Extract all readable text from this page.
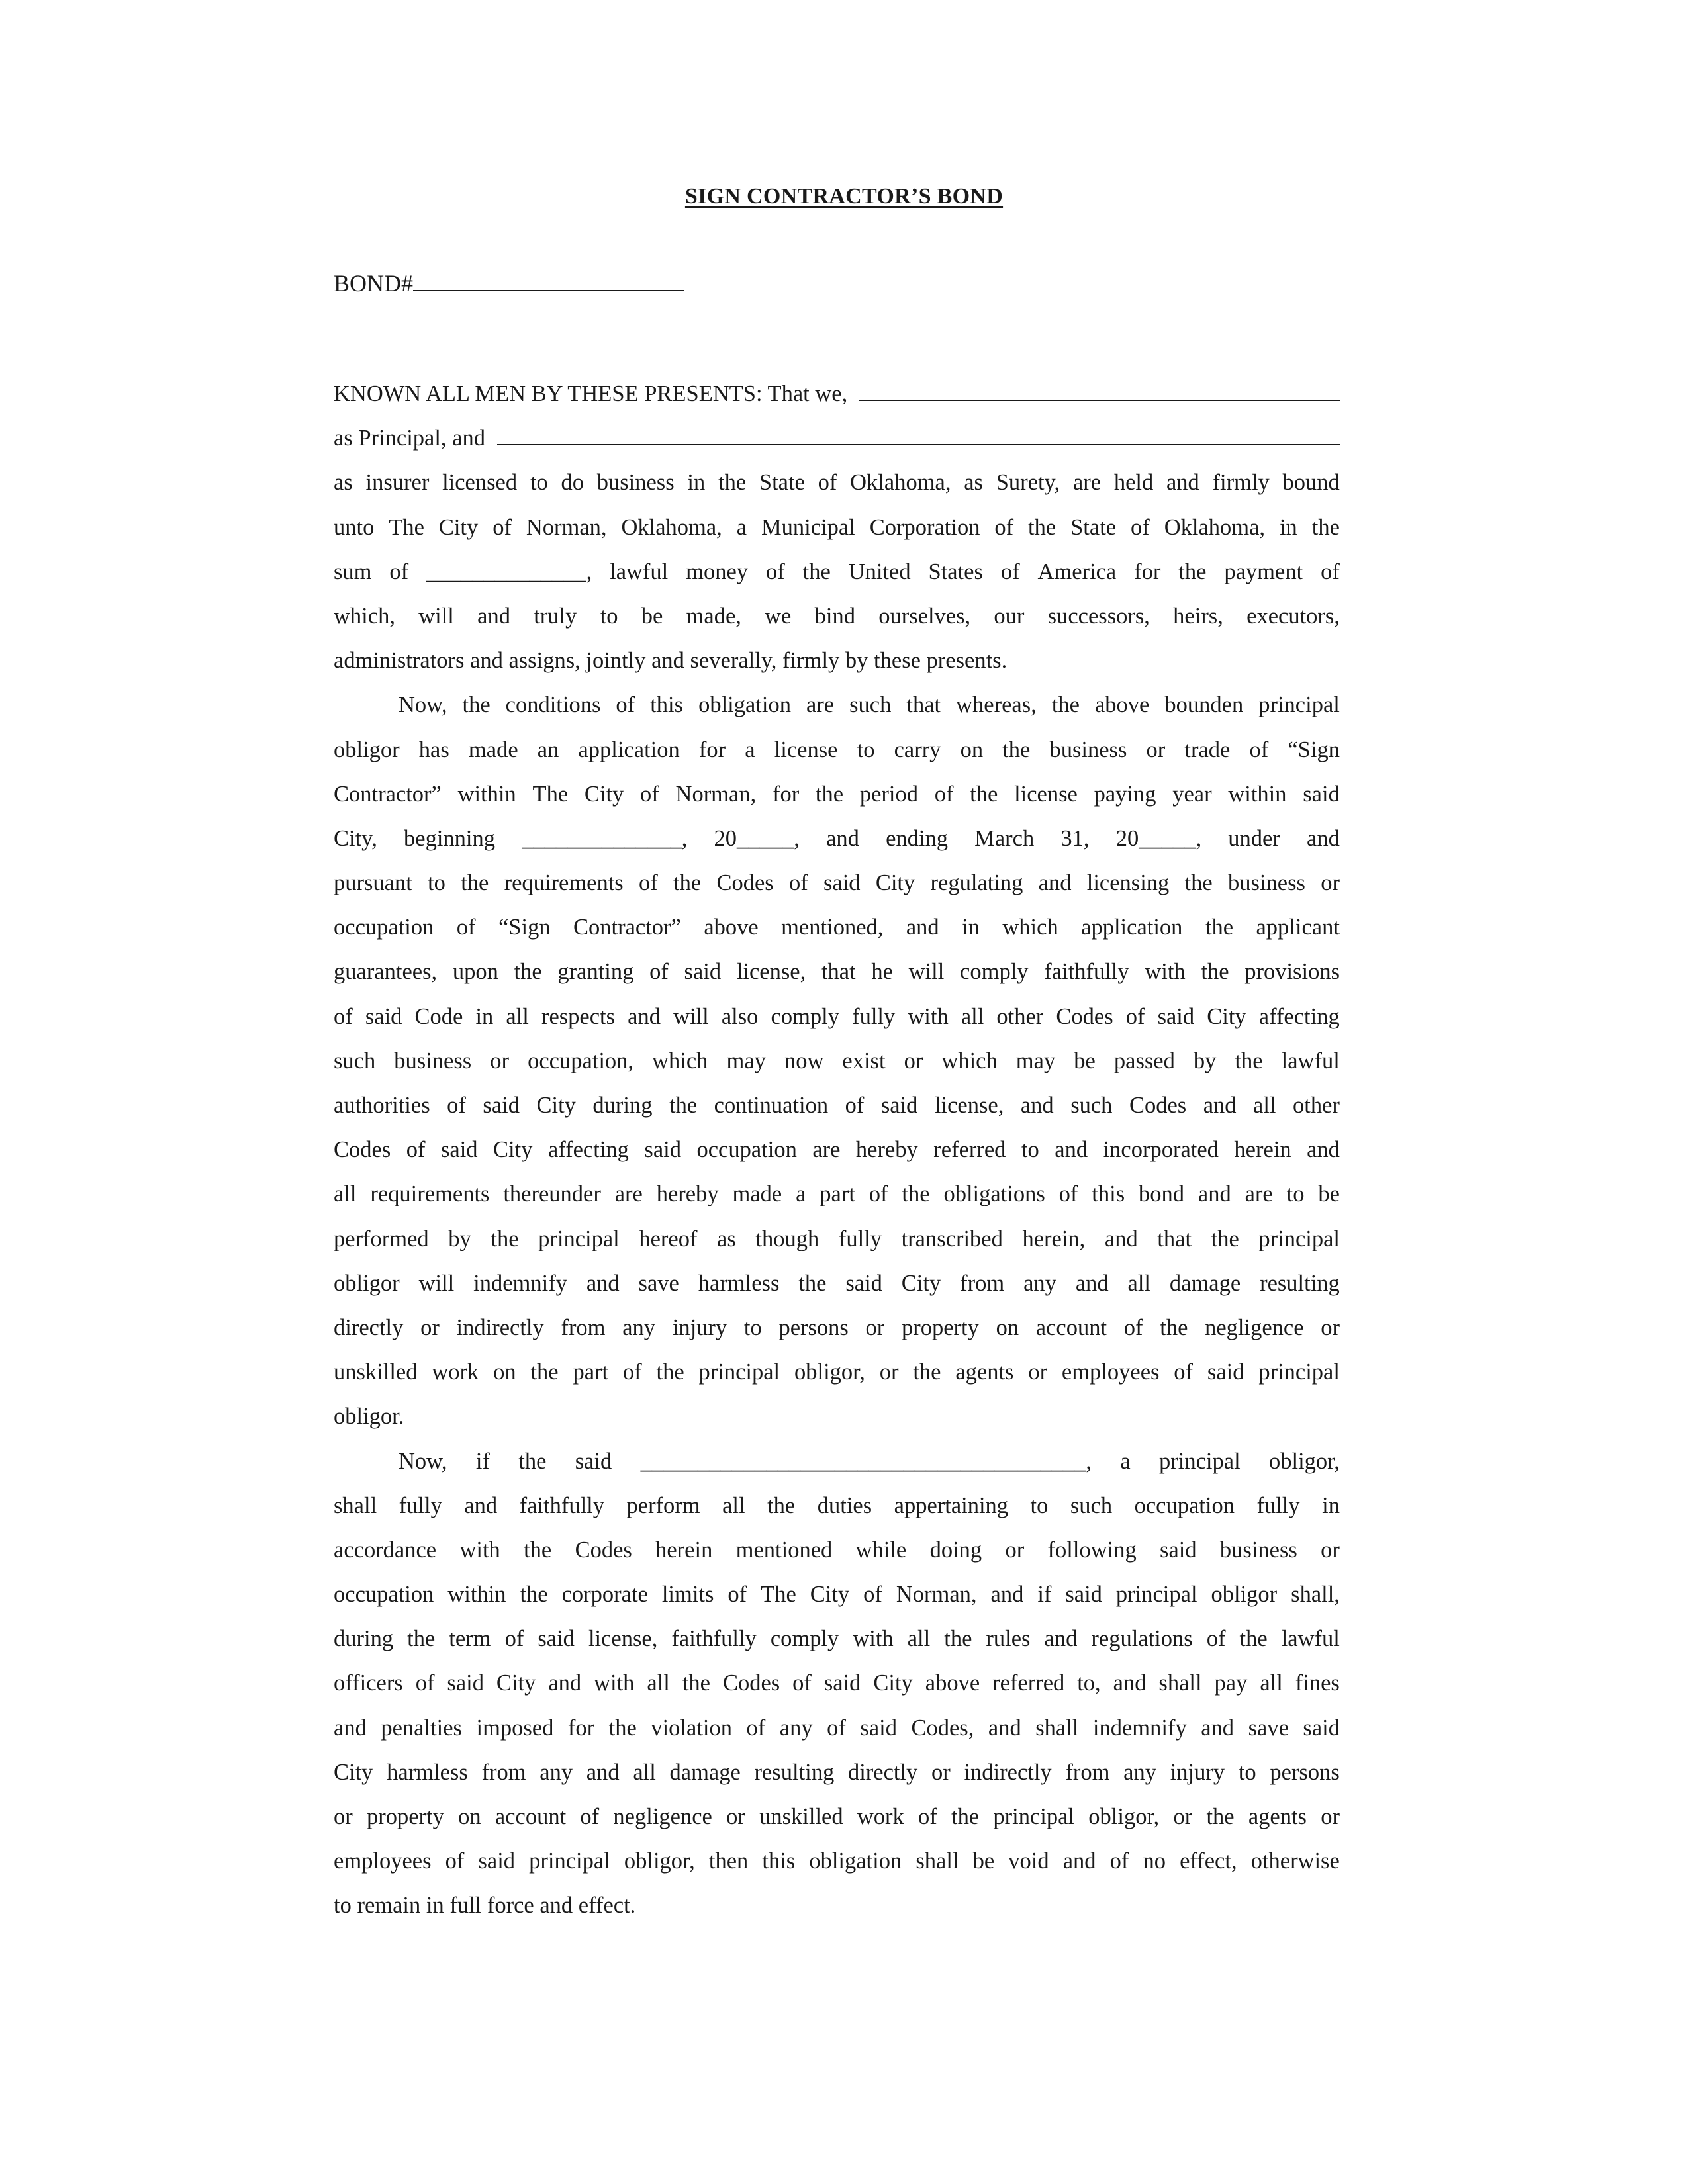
SIGN CONTRACTOR’S BOND
BOND#
KNOWN ALL MEN BY THESE PRESENTS: That we,
as Principal, and
as insurer licensed to do business in the State of Oklahoma, as Surety, are held and firmly bound
unto The City of Norman, Oklahoma, a Municipal Corporation of the State of Oklahoma, in the
sum of ______________, lawful money of the United States of America for the payment of
which, will and truly to be made, we bind ourselves, our successors, heirs, executors,
administrators and assigns, jointly and severally, firmly by these presents.
Now, the conditions of this obligation are such that whereas, the above bounden principal
obligor has made an application for a license to carry on the business or trade of “Sign
Contractor” within The City of Norman, for the period of the license paying year within said
City, beginning ______________, 20_____, and ending March 31, 20_____, under and
pursuant to the requirements of the Codes of said City regulating and licensing the business or
occupation of “Sign Contractor” above mentioned, and in which application the applicant
guarantees, upon the granting of said license, that he will comply faithfully with the provisions
of said Code in all respects and will also comply fully with all other Codes of said City affecting
such business or occupation, which may now exist or which may be passed by the lawful
authorities of said City during the continuation of said license, and such Codes and all other
Codes of said City affecting said occupation are hereby referred to and incorporated herein and
all requirements thereunder are hereby made a part of the obligations of this bond and are to be
performed by the principal hereof as though fully transcribed herein, and that the principal
obligor will indemnify and save harmless the said City from any and all damage resulting
directly or indirectly from any injury to persons or property on account of the negligence or
unskilled work on the part of the principal obligor, or the agents or employees of said principal
obligor.
Now, if the said _______________________________________, a principal obligor,
shall fully and faithfully perform all the duties appertaining to such occupation fully in
accordance with the Codes herein mentioned while doing or following said business or
occupation within the corporate limits of The City of Norman, and if said principal obligor shall,
during the term of said license, faithfully comply with all the rules and regulations of the lawful
officers of said City and with all the Codes of said City above referred to, and shall pay all fines
and penalties imposed for the violation of any of said Codes, and shall indemnify and save said
City harmless from any and all damage resulting directly or indirectly from any injury to persons
or property on account of negligence or unskilled work of the principal obligor, or the agents or
employees of said principal obligor, then this obligation shall be void and of no effect, otherwise
to remain in full force and effect.
